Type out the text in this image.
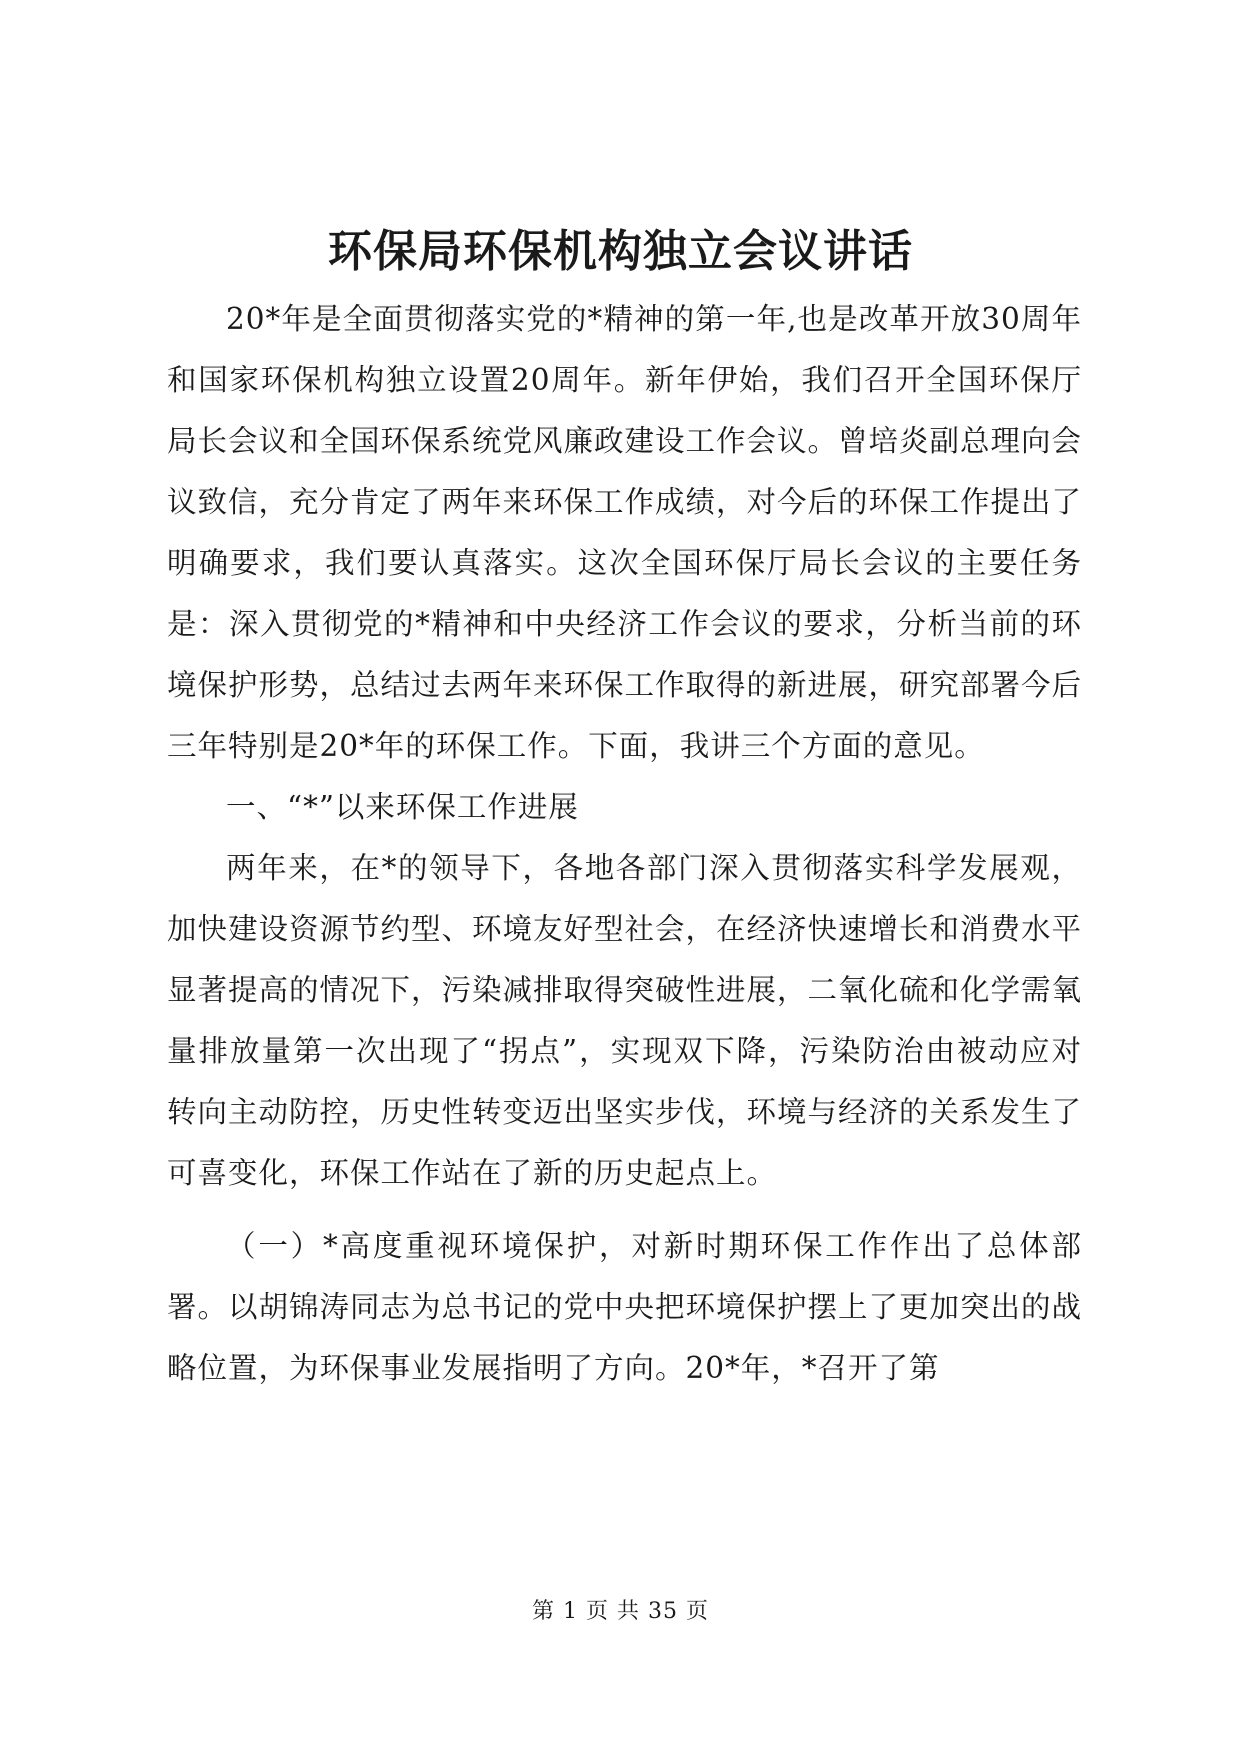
环保局环保机构独立会议讲话

20*年是全面贯彻落实党的*精神的第一年,也是改革开放30周年和国家环保机构独立设置20周年。新年伊始，我们召开全国环保厅局长会议和全国环保系统党风廉政建设工作会议。曾培炎副总理向会议致信，充分肯定了两年来环保工作成绩，对今后的环保工作提出了明确要求，我们要认真落实。这次全国环保厅局长会议的主要任务是：深入贯彻党的*精神和中央经济工作会议的要求，分析当前的环境保护形势，总结过去两年来环保工作取得的新进展，研究部署今后三年特别是20*年的环保工作。下面，我讲三个方面的意见。

一、“*”以来环保工作进展

两年来，在*的领导下，各地各部门深入贯彻落实科学发展观，加快建设资源节约型、环境友好型社会，在经济快速增长和消费水平显著提高的情况下，污染减排取得突破性进展，二氧化硫和化学需氧量排放量第一次出现了“拐点”，实现双下降，污染防治由被动应对转向主动防控，历史性转变迈出坚实步伐，环境与经济的关系发生了可喜变化，环保工作站在了新的历史起点上。

（一）*高度重视环境保护，对新时期环保工作作出了总体部署。以胡锦涛同志为总书记的党中央把环境保护摆上了更加突出的战略位置，为环保事业发展指明了方向。20*年，*召开了第

第 1 页 共 35 页
